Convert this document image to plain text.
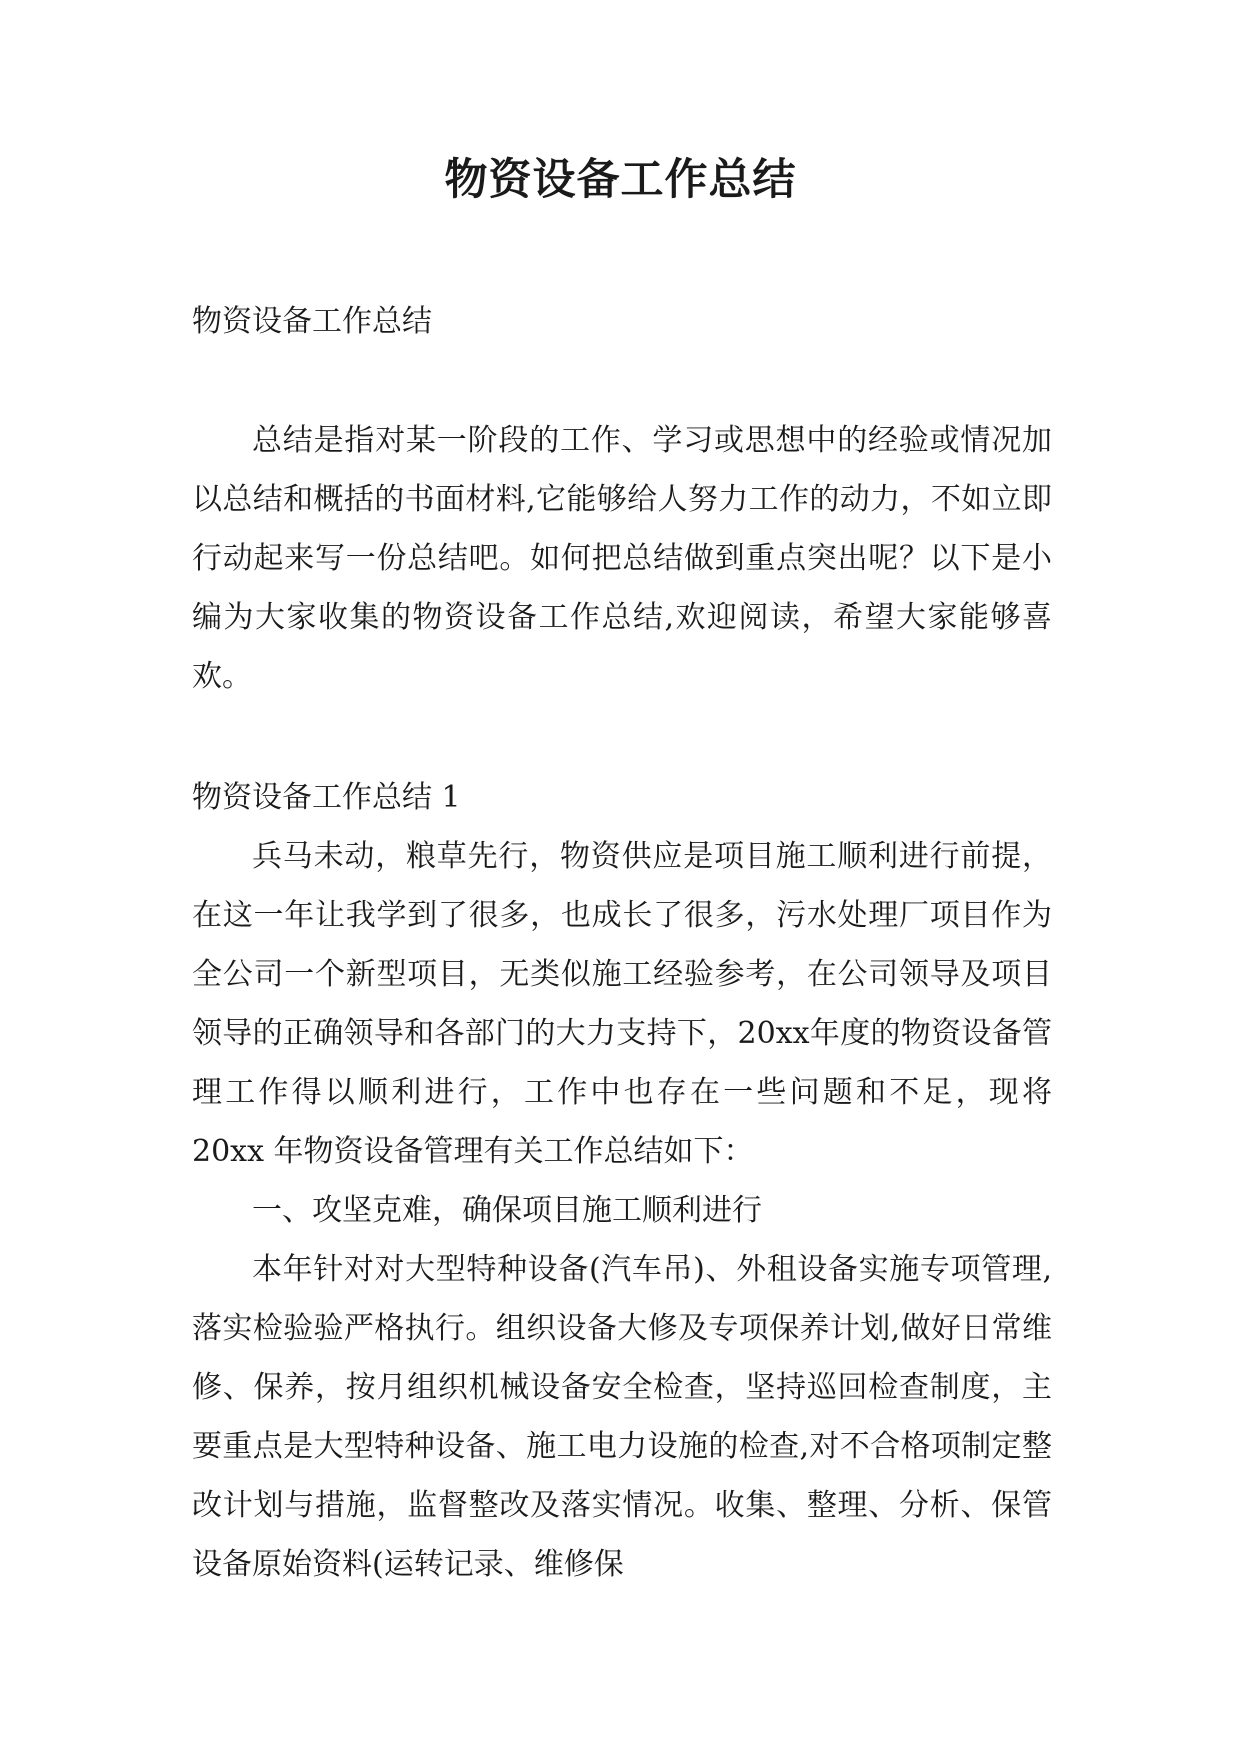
物资设备工作总结

物资设备工作总结

总结是指对某一阶段的工作、学习或思想中的经验或情况加以总结和概括的书面材料,它能够给人努力工作的动力，不如立即行动起来写一份总结吧。如何把总结做到重点突出呢？以下是小编为大家收集的物资设备工作总结,欢迎阅读，希望大家能够喜欢。

物资设备工作总结 1

兵马未动，粮草先行，物资供应是项目施工顺利进行前提，在这一年让我学到了很多，也成长了很多，污水处理厂项目作为全公司一个新型项目，无类似施工经验参考，在公司领导及项目领导的正确领导和各部门的大力支持下，20xx年度的物资设备管理工作得以顺利进行，工作中也存在一些问题和不足，现将 20xx 年物资设备管理有关工作总结如下：

一、攻坚克难，确保项目施工顺利进行

本年针对对大型特种设备(汽车吊)、外租设备实施专项管理,落实检验验严格执行。组织设备大修及专项保养计划,做好日常维修、保养，按月组织机械设备安全检查，坚持巡回检查制度，主要重点是大型特种设备、施工电力设施的检查,对不合格项制定整改计划与措施，监督整改及落实情况。收集、整理、分析、保管设备原始资料(运转记录、维修保
